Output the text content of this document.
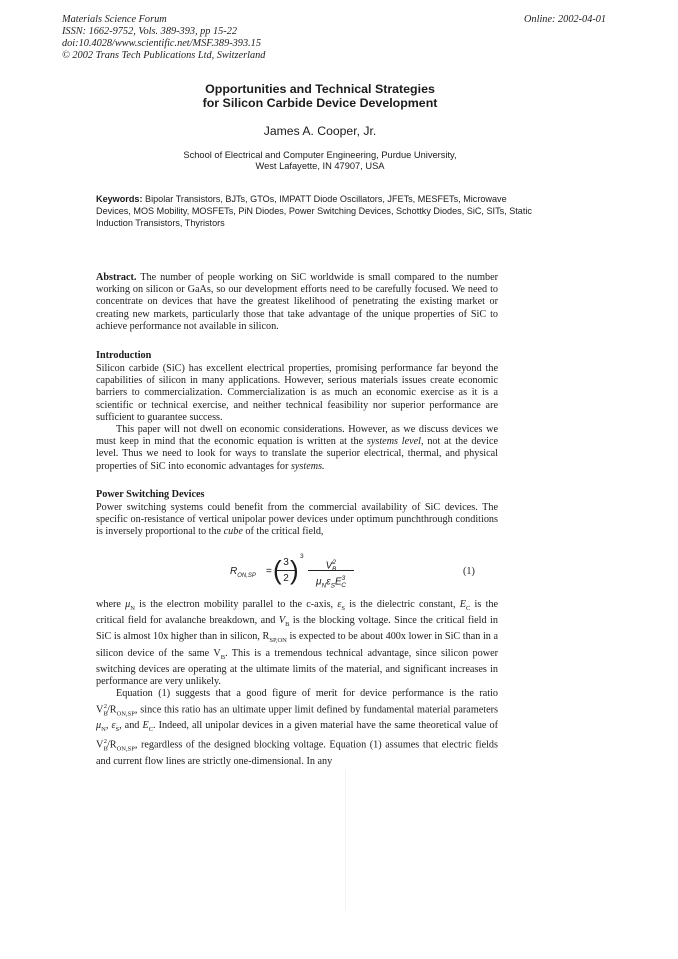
Materials Science Forum
ISSN: 1662-9752, Vols. 389-393, pp 15-22
doi:10.4028/www.scientific.net/MSF.389-393.15
© 2002 Trans Tech Publications Ltd, Switzerland
Online: 2002-04-01
Opportunities and Technical Strategies
for Silicon Carbide Device Development
James A. Cooper, Jr.
School of Electrical and Computer Engineering, Purdue University,
West Lafayette, IN 47907, USA
Keywords: Bipolar Transistors, BJTs, GTOs, IMPATT Diode Oscillators, JFETs, MESFETs, Microwave Devices, MOS Mobility, MOSFETs, PiN Diodes, Power Switching Devices, Schottky Diodes, SiC, SITs, Static Induction Transistors, Thyristors

Abstract. The number of people working on SiC worldwide is small compared to the number working on silicon or GaAs, so our development efforts need to be carefully focused. We need to concentrate on devices that have the greatest likelihood of penetrating the existing market or creating new markets, particularly those that take advantage of the unique properties of SiC to achieve performance not available in silicon.

Introduction

Silicon carbide (SiC) has excellent electrical properties, promising performance far beyond the capabilities of silicon in many applications. However, serious materials issues create economic barriers to commercialization. Commercialization is as much an economic exercise as it is a scientific or technical exercise, and neither technical feasibility nor superior performance are sufficient to guarantee success.

This paper will not dwell on economic considerations. However, as we discuss devices we must keep in mind that the economic equation is written at the systems level, not at the device level. Thus we need to look for ways to translate the superior electrical, thermal, and physical properties of SiC into economic advantages for systems.

Power Switching Devices

Power switching systems could benefit from the commercial availability of SiC devices. The specific on-resistance of vertical unipolar power devices under optimum punchthrough conditions is inversely proportional to the cube of the critical field,

$R_{ON,SP}$ = (
$\frac{3}{2}$
) 3
$V^2_B$
$\mu_N\varepsilon_SE^3_C$
(1)

where $\mu_N$ is the electron mobility parallel to the c-axis, $\varepsilon_S$ is the dielectric constant, $E_C$ is the critical field for avalanche breakdown, and $V_B$ is the blocking voltage. Since the critical field in SiC is almost 10x higher than in silicon, $R_{SP,ON}$ is expected to be about 400x lower in SiC than in a silicon device of the same $V_B$. This is a tremendous technical advantage, since silicon power switching devices are operating at the ultimate limits of the material, and significant increases in performance are very unlikely.

Equation (1) suggests that a good figure of merit for device performance is the ratio $V_B^2/R_{ON,SP}$, since this ratio has an ultimate upper limit defined by fundamental material parameters $\mu_N$, $\varepsilon_S$, and $E_C$. Indeed, all unipolar devices in a given material have the same theoretical value of $V_B^2/R_{ON,SP}$, regardless of the designed blocking voltage. Equation (1) assumes that electric fields and current flow lines are strictly one-dimensional. In any
